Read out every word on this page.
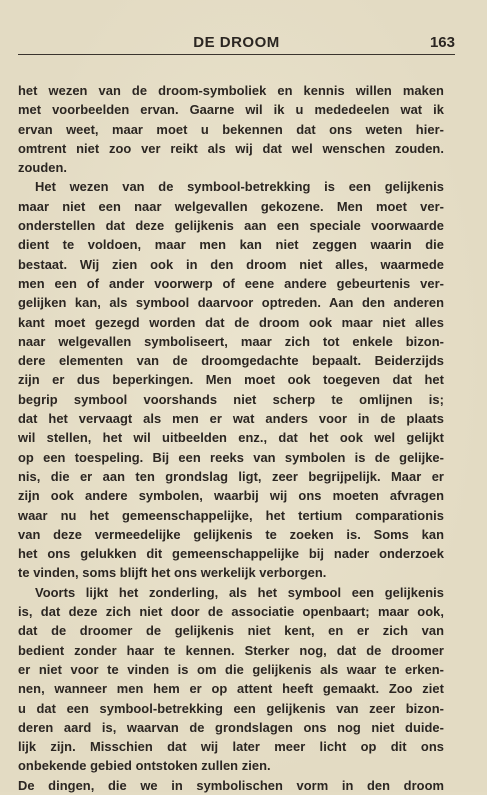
DE DROOM	163
het wezen van de droom-symboliek en kennis willen maken
met voorbeelden ervan. Gaarne wil ik u mededeelen wat ik
ervan weet, maar moet u bekennen dat ons weten hier-
omtrent niet zoo ver reikt als wij dat wel wenschen zouden.
zouden.
Het wezen van de symbool-betrekking is een gelijkenis
maar niet een naar welgevallen gekozene. Men moet ver-
onderstellen dat deze gelijkenis aan een speciale voorwaarde
dient te voldoen, maar men kan niet zeggen waarin die
bestaat. Wij zien ook in den droom niet alles, waarmede
men een of ander voorwerp of eene andere gebeurtenis ver-
gelijken kan, als symbool daarvoor optreden. Aan den anderen
kant moet gezegd worden dat de droom ook maar niet alles
naar welgevallen symboliseert, maar zich tot enkele bizon-
dere elementen van de droomgedachte bepaalt. Beiderzijds
zijn er dus beperkingen. Men moet ook toegeven dat het
begrip symbool voorshands niet scherp te omlijnen is;
dat het vervaagt als men er wat anders voor in de plaats
wil stellen, het wil uitbeelden enz., dat het ook wel gelijkt
op een toespeling. Bij een reeks van symbolen is de gelijke-
nis, die er aan ten grondslag ligt, zeer begrijpelijk. Maar er
zijn ook andere symbolen, waarbij wij ons moeten afvragen
waar nu het gemeenschappelijke, het tertium comparationis
van deze vermeedelijke gelijkenis te zoeken is. Soms kan
het ons gelukken dit gemeenschappelijke bij nader onderzoek
te vinden, soms blijft het ons werkelijk verborgen.
Voorts lijkt het zonderling, als het symbool een gelijkenis
is, dat deze zich niet door de associatie openbaart; maar ook,
dat de droomer de gelijkenis niet kent, en er zich van
bedient zonder haar te kennen. Sterker nog, dat de droomer
er niet voor te vinden is om die gelijkenis als waar te erken-
nen, wanneer men hem er op attent heeft gemaakt. Zoo ziet
u dat een symbool-betrekking een gelijkenis van zeer bizon-
deren aard is, waarvan de grondslagen ons nog niet duide-
lijk zijn. Misschien dat wij later meer licht op dit ons
onbekende gebied ontstoken zullen zien.
De dingen, die we in symbolischen vorm in den droom
